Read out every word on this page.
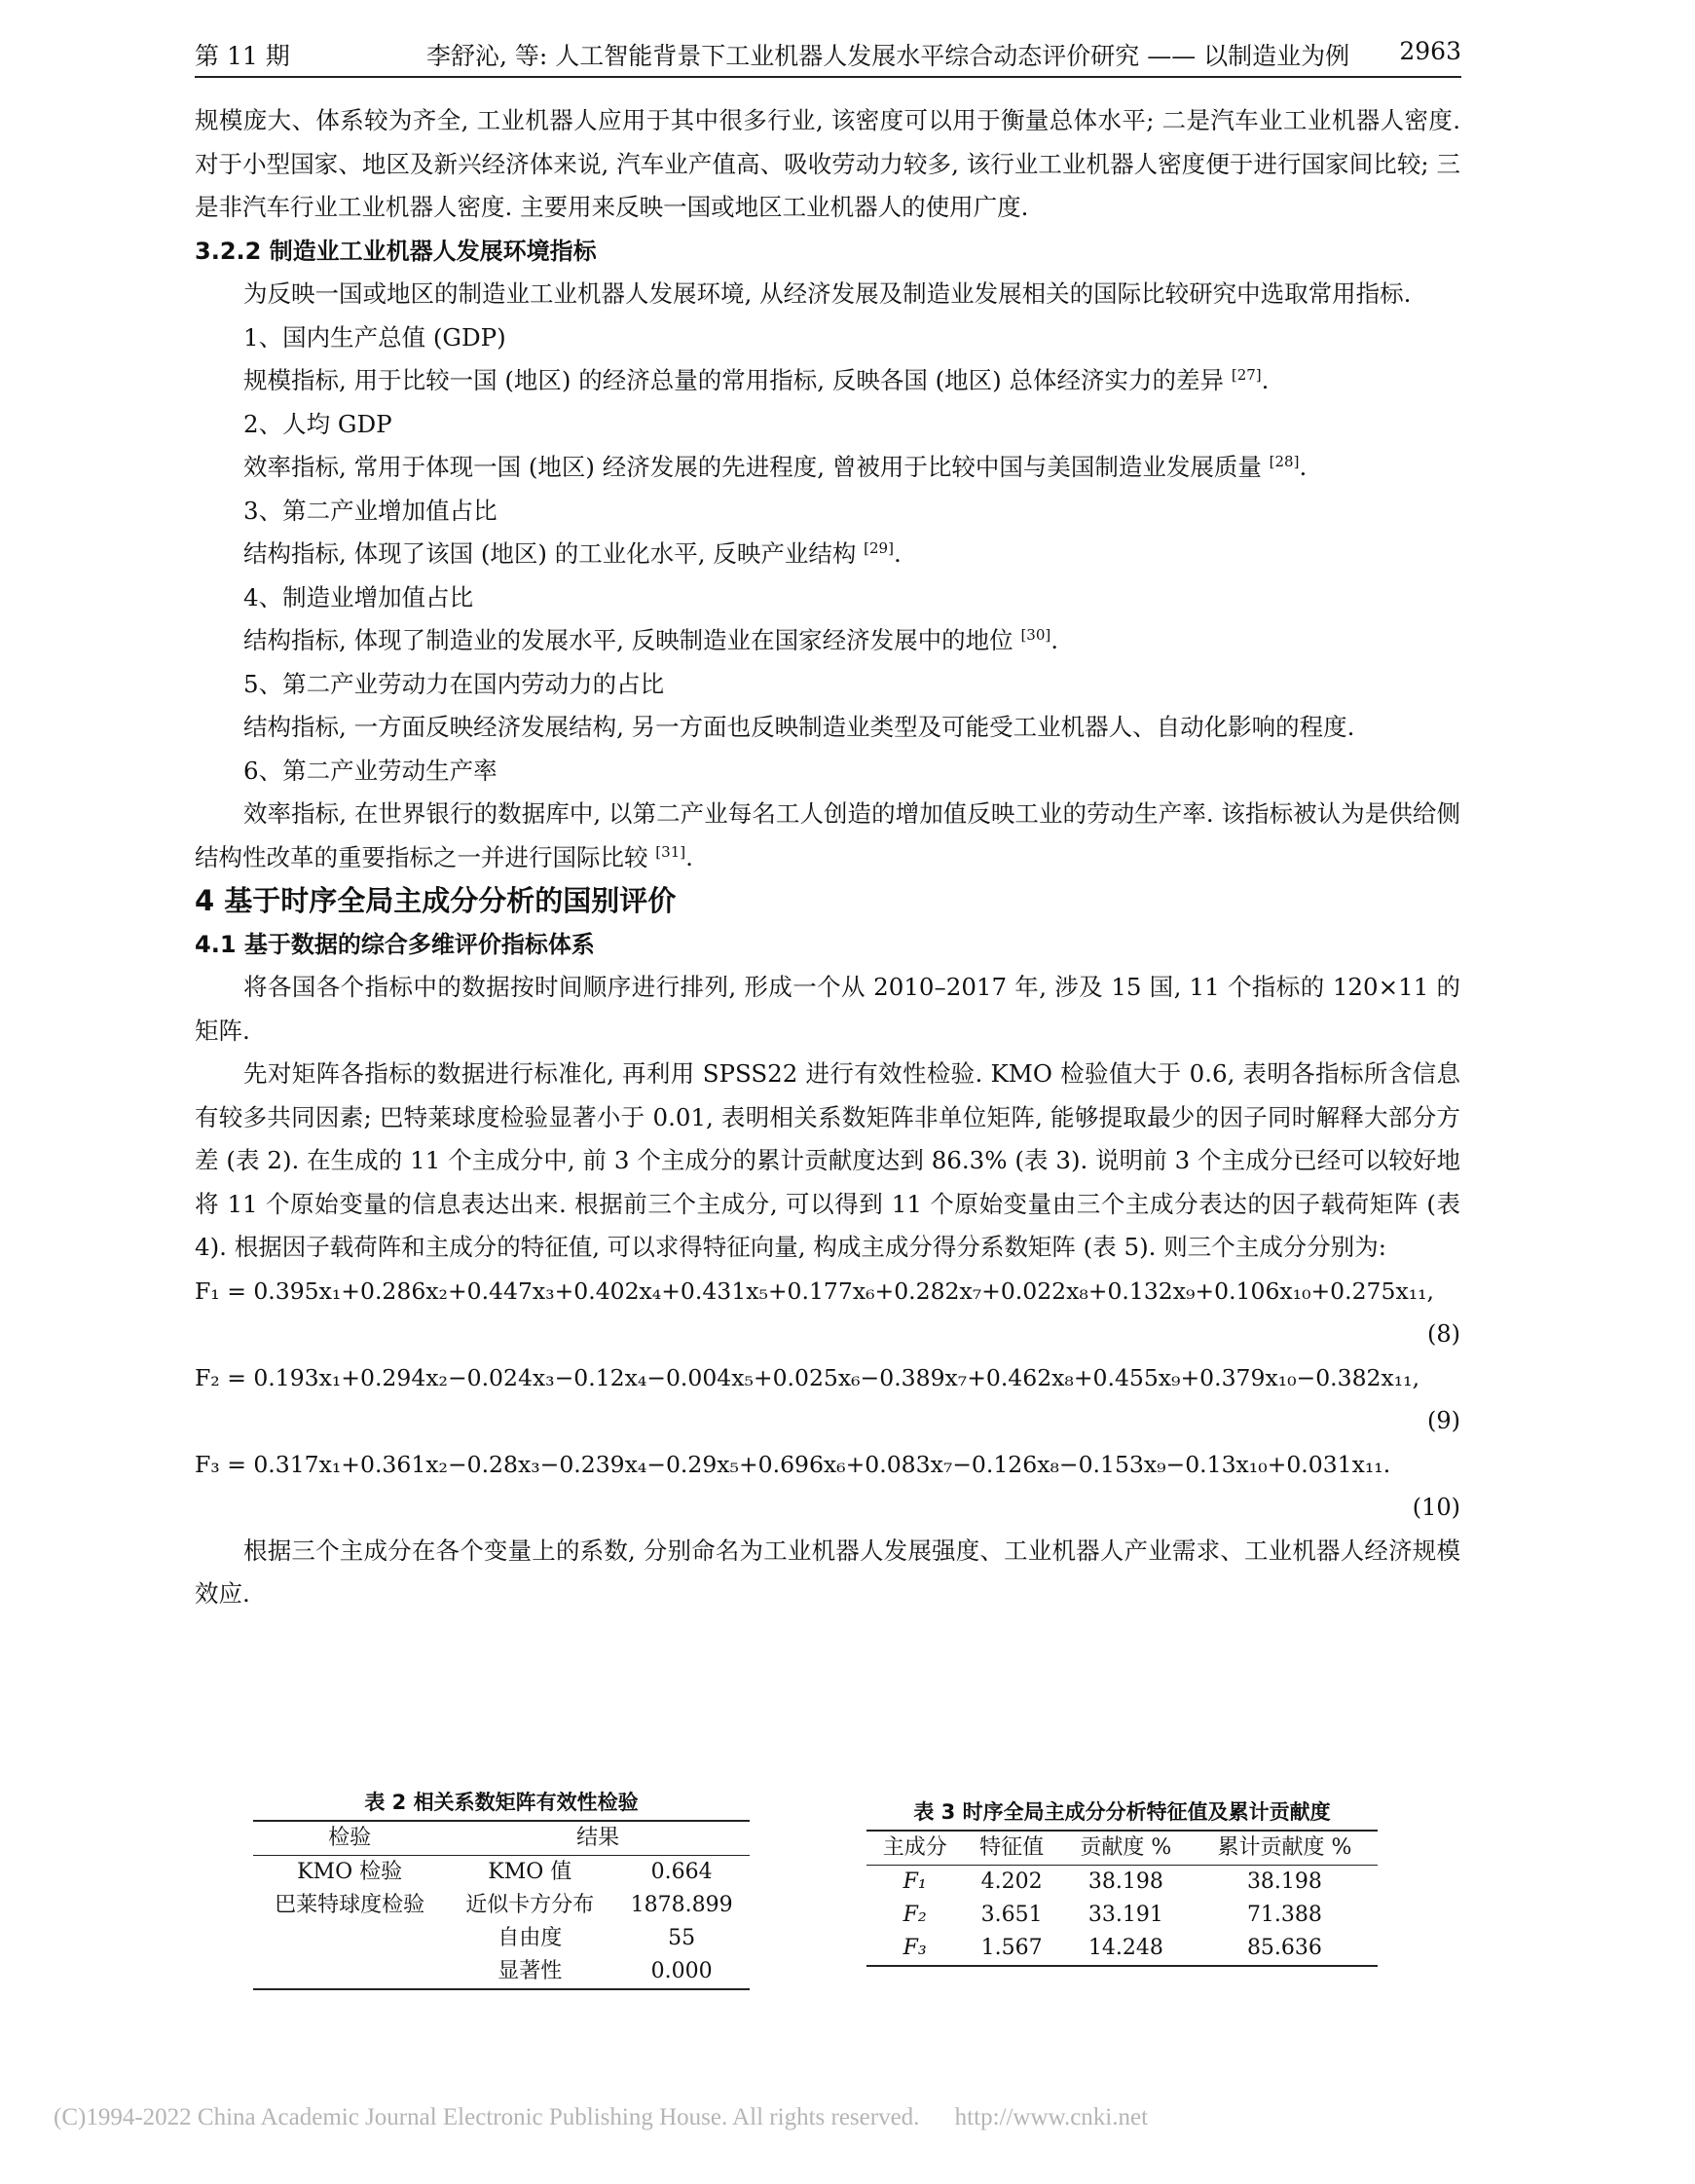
第 11 期	李舒沁, 等: 人工智能背景下工业机器人发展水平综合动态评价研究 —— 以制造业为例 2963

规模庞大、体系较为齐全, 工业机器人应用于其中很多行业, 该密度可以用于衡量总体水平; 二是汽车业工业机器人密度. 对于小型国家、地区及新兴经济体来说, 汽车业产值高、吸收劳动力较多, 该行业工业机器人密度便于进行国家间比较; 三是非汽车行业工业机器人密度. 主要用来反映一国或地区工业机器人的使用广度.

3.2.2 制造业工业机器人发展环境指标

为反映一国或地区的制造业工业机器人发展环境, 从经济发展及制造业发展相关的国际比较研究中选取常用指标.

1、国内生产总值 (GDP)

规模指标, 用于比较一国 (地区) 的经济总量的常用指标, 反映各国 (地区) 总体经济实力的差异 [27].

2、人均 GDP

效率指标, 常用于体现一国 (地区) 经济发展的先进程度, 曾被用于比较中国与美国制造业发展质量 [28].

3、第二产业增加值占比

结构指标, 体现了该国 (地区) 的工业化水平, 反映产业结构 [29].

4、制造业增加值占比

结构指标, 体现了制造业的发展水平, 反映制造业在国家经济发展中的地位 [30].

5、第二产业劳动力在国内劳动力的占比

结构指标, 一方面反映经济发展结构, 另一方面也反映制造业类型及可能受工业机器人、自动化影响的程度.

6、第二产业劳动生产率

效率指标, 在世界银行的数据库中, 以第二产业每名工人创造的增加值反映工业的劳动生产率. 该指标被认为是供给侧结构性改革的重要指标之一并进行国际比较 [31].

4 基于时序全局主成分分析的国别评价

4.1 基于数据的综合多维评价指标体系

将各国各个指标中的数据按时间顺序进行排列, 形成一个从 2010–2017 年, 涉及 15 国, 11 个指标的 120×11 的矩阵.

先对矩阵各指标的数据进行标准化, 再利用 SPSS22 进行有效性检验. KMO 检验值大于 0.6, 表明各指标所含信息有较多共同因素; 巴特莱球度检验显著小于 0.01, 表明相关系数矩阵非单位矩阵, 能够提取最少的因子同时解释大部分方差 (表 2). 在生成的 11 个主成分中, 前 3 个主成分的累计贡献度达到 86.3% (表 3). 说明前 3 个主成分已经可以较好地将 11 个原始变量的信息表达出来. 根据前三个主成分, 可以得到 11 个原始变量由三个主成分表达的因子载荷矩阵 (表 4). 根据因子载荷阵和主成分的特征值, 可以求得特征向量, 构成主成分得分系数矩阵 (表 5). 则三个主成分分别为:

F₁ = 0.395x₁+0.286x₂+0.447x₃+0.402x₄+0.431x₅+0.177x₆+0.282x₇+0.022x₈+0.132x₉+0.106x₁₀+0.275x₁₁,
(8)
F₂ = 0.193x₁+0.294x₂−0.024x₃−0.12x₄−0.004x₅+0.025x₆−0.389x₇+0.462x₈+0.455x₉+0.379x₁₀−0.382x₁₁,
(9)
F₃ = 0.317x₁+0.361x₂−0.28x₃−0.239x₄−0.29x₅+0.696x₆+0.083x₇−0.126x₈−0.153x₉−0.13x₁₀+0.031x₁₁.
(10)

根据三个主成分在各个变量上的系数, 分别命名为工业机器人发展强度、工业机器人产业需求、工业机器人经济规模效应.

表 2 相关系数矩阵有效性检验
检验	结果	
KMO 检验	KMO 值	0.664
巴莱特球度检验	近似卡方分布	1878.899
	自由度	55
	显著性	0.000
表 3 时序全局主成分分析特征值及累计贡献度
主成分	特征值	贡献度 %	累计贡献度 %
F₁	4.202	38.198	38.198
F₂	3.651	33.191	71.388
F₃	1.567	14.248	85.636
(C)1994-2022 China Academic Journal Electronic Publishing House. All rights reserved. http://www.cnki.net
